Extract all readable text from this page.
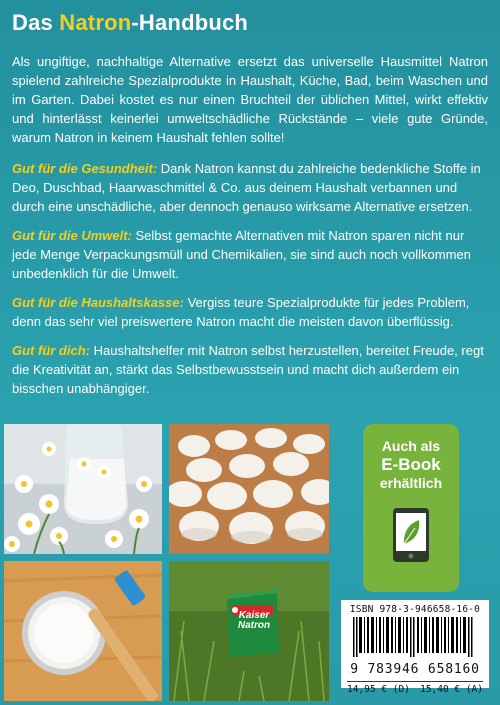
Das Natron-Handbuch

Als ungiftige, nachhaltige Alternative ersetzt das universelle Hausmittel Natron spielend zahlreiche Spezialprodukte in Haushalt, Küche, Bad, beim Waschen und im Garten. Dabei kostet es nur einen Bruchteil der üblichen Mittel, wirkt effektiv und hinterlässt keinerlei umweltschädliche Rückstände – viele gute Gründe, warum Natron in keinem Haushalt fehlen sollte!

Gut für die Gesundheit: Dank Natron kannst du zahlreiche bedenkliche Stoffe in Deo, Duschbad, Haarwaschmittel & Co. aus deinem Haushalt verbannen und durch eine unschädliche, aber dennoch genauso wirksame Alternative ersetzen.

Gut für die Umwelt: Selbst gemachte Alternativen mit Natron sparen nicht nur jede Menge Verpackungsmüll und Chemikalien, sie sind auch noch vollkommen unbedenklich für die Umwelt.

Gut für die Haushaltskasse: Vergiss teure Spezialprodukte für jedes Problem, denn das sehr viel preiswertere Natron macht die meisten davon überflüssig.

Gut für dich: Haushaltshelfer mit Natron selbst herzustellen, bereitet Freude, regt die Kreativität an, stärkt das Selbstbewusstsein und macht dich außerdem ein bisschen unabhängiger.

Kaiser
Natron
Auch als
E-Book
erhältlich
ISBN 978-3-946658-16-0
9 783946 658160
14,95 € (D) 15,40 € (A)
